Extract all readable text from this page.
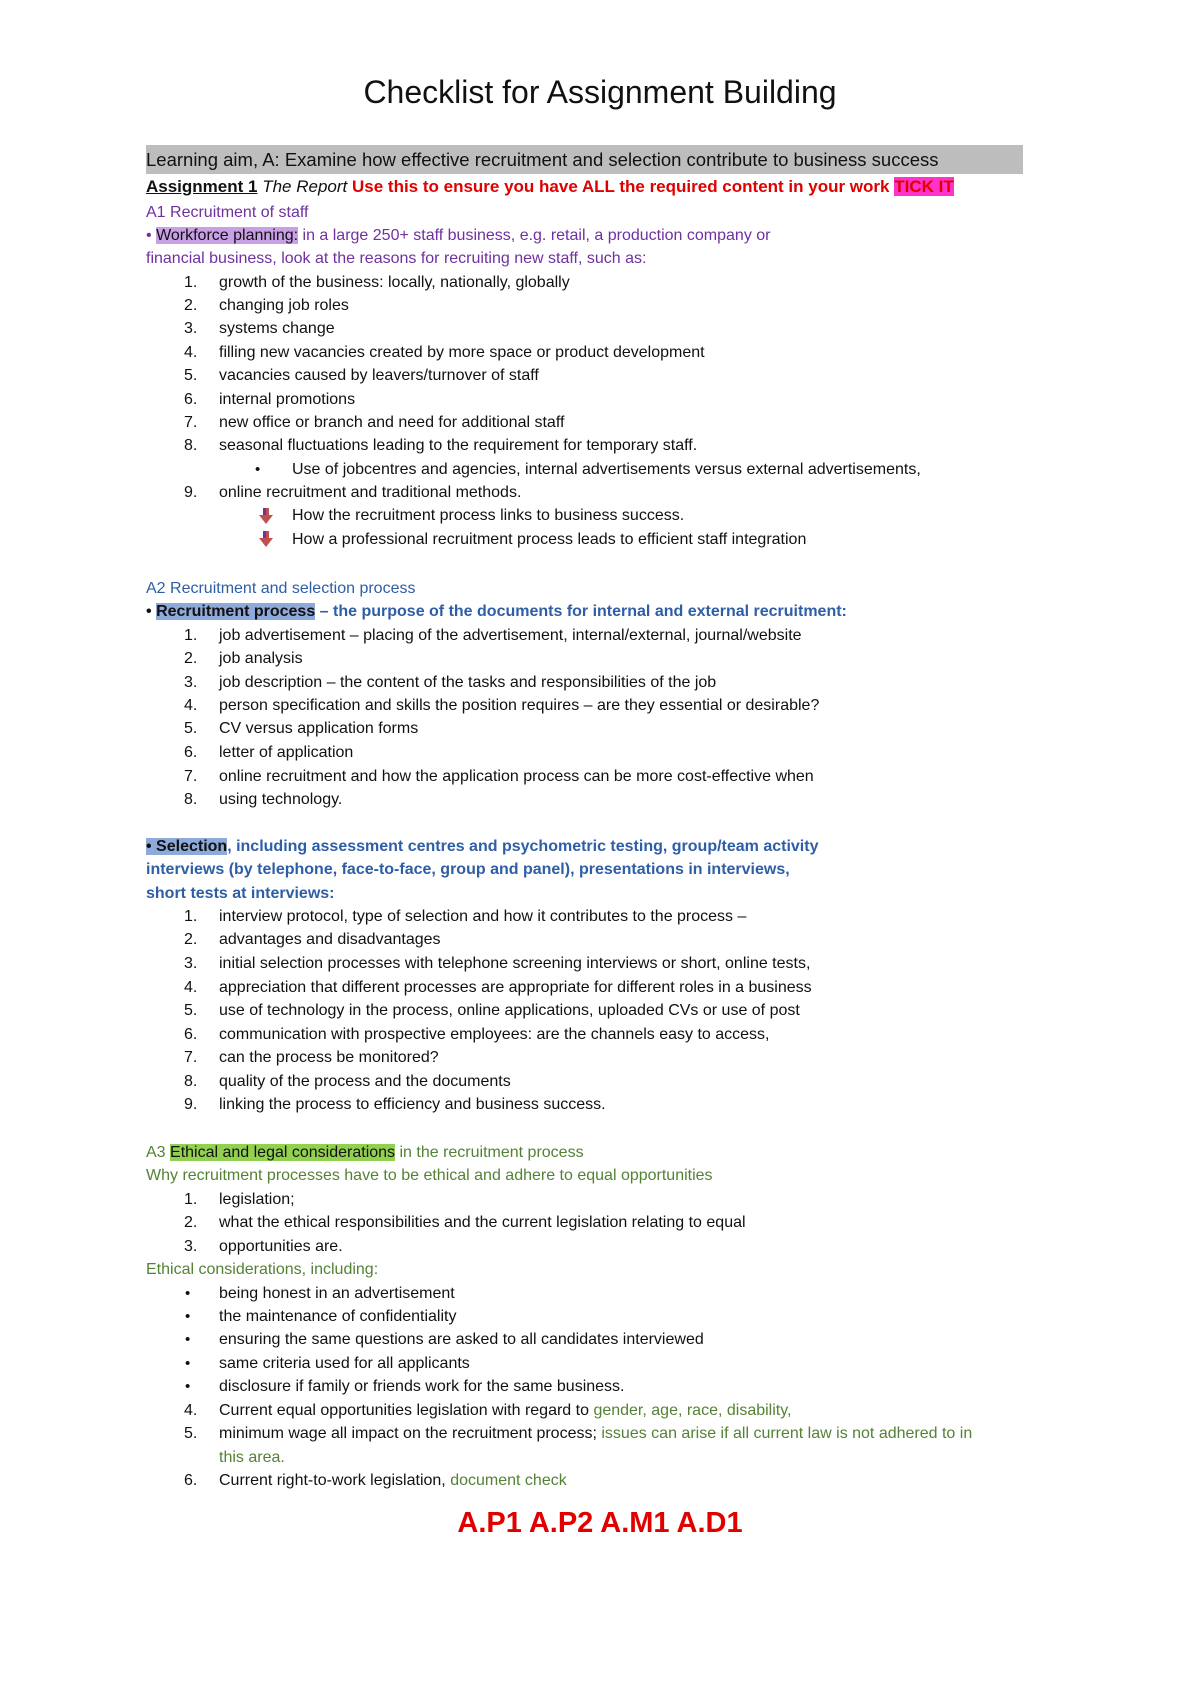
Checklist for Assignment Building
Learning aim, A: Examine how effective recruitment and selection contribute to business success
Assignment 1 The Report Use this to ensure you have ALL the required content in your work TICK IT
A1 Recruitment of staff
• Workforce planning: in a large 250+ staff business, e.g. retail, a production company or
financial business, look at the reasons for recruiting new staff, such as:
1. growth of the business: locally, nationally, globally
2. changing job roles
3. systems change
4. filling new vacancies created by more space or product development
5. vacancies caused by leavers/turnover of staff
6. internal promotions
7. new office or branch and need for additional staff
8. seasonal fluctuations leading to the requirement for temporary staff.
• Use of jobcentres and agencies, internal advertisements versus external advertisements,
9. online recruitment and traditional methods.
How the recruitment process links to business success.
How a professional recruitment process leads to efficient staff integration
A2 Recruitment and selection process
• Recruitment process – the purpose of the documents for internal and external recruitment:
1. job advertisement – placing of the advertisement, internal/external, journal/website
2. job analysis
3. job description – the content of the tasks and responsibilities of the job
4. person specification and skills the position requires – are they essential or desirable?
5. CV versus application forms
6. letter of application
7. online recruitment and how the application process can be more cost-effective when
8. using technology.
• Selection, including assessment centres and psychometric testing, group/team activity
interviews (by telephone, face-to-face, group and panel), presentations in interviews,
short tests at interviews:
1. interview protocol, type of selection and how it contributes to the process –
2. advantages and disadvantages
3. initial selection processes with telephone screening interviews or short, online tests,
4. appreciation that different processes are appropriate for different roles in a business
5. use of technology in the process, online applications, uploaded CVs or use of post
6. communication with prospective employees: are the channels easy to access,
7. can the process be monitored?
8. quality of the process and the documents
9. linking the process to efficiency and business success.
A3 Ethical and legal considerations in the recruitment process
Why recruitment processes have to be ethical and adhere to equal opportunities
1. legislation;
2. what the ethical responsibilities and the current legislation relating to equal
3. opportunities are.
Ethical considerations, including:
• being honest in an advertisement
• the maintenance of confidentiality
• ensuring the same questions are asked to all candidates interviewed
• same criteria used for all applicants
• disclosure if family or friends work for the same business.
4. Current equal opportunities legislation with regard to gender, age, race, disability,
5. minimum wage all impact on the recruitment process; issues can arise if all current law is not adhered to in
this area.
6. Current right-to-work legislation, document check
A.P1 A.P2 A.M1 A.D1
